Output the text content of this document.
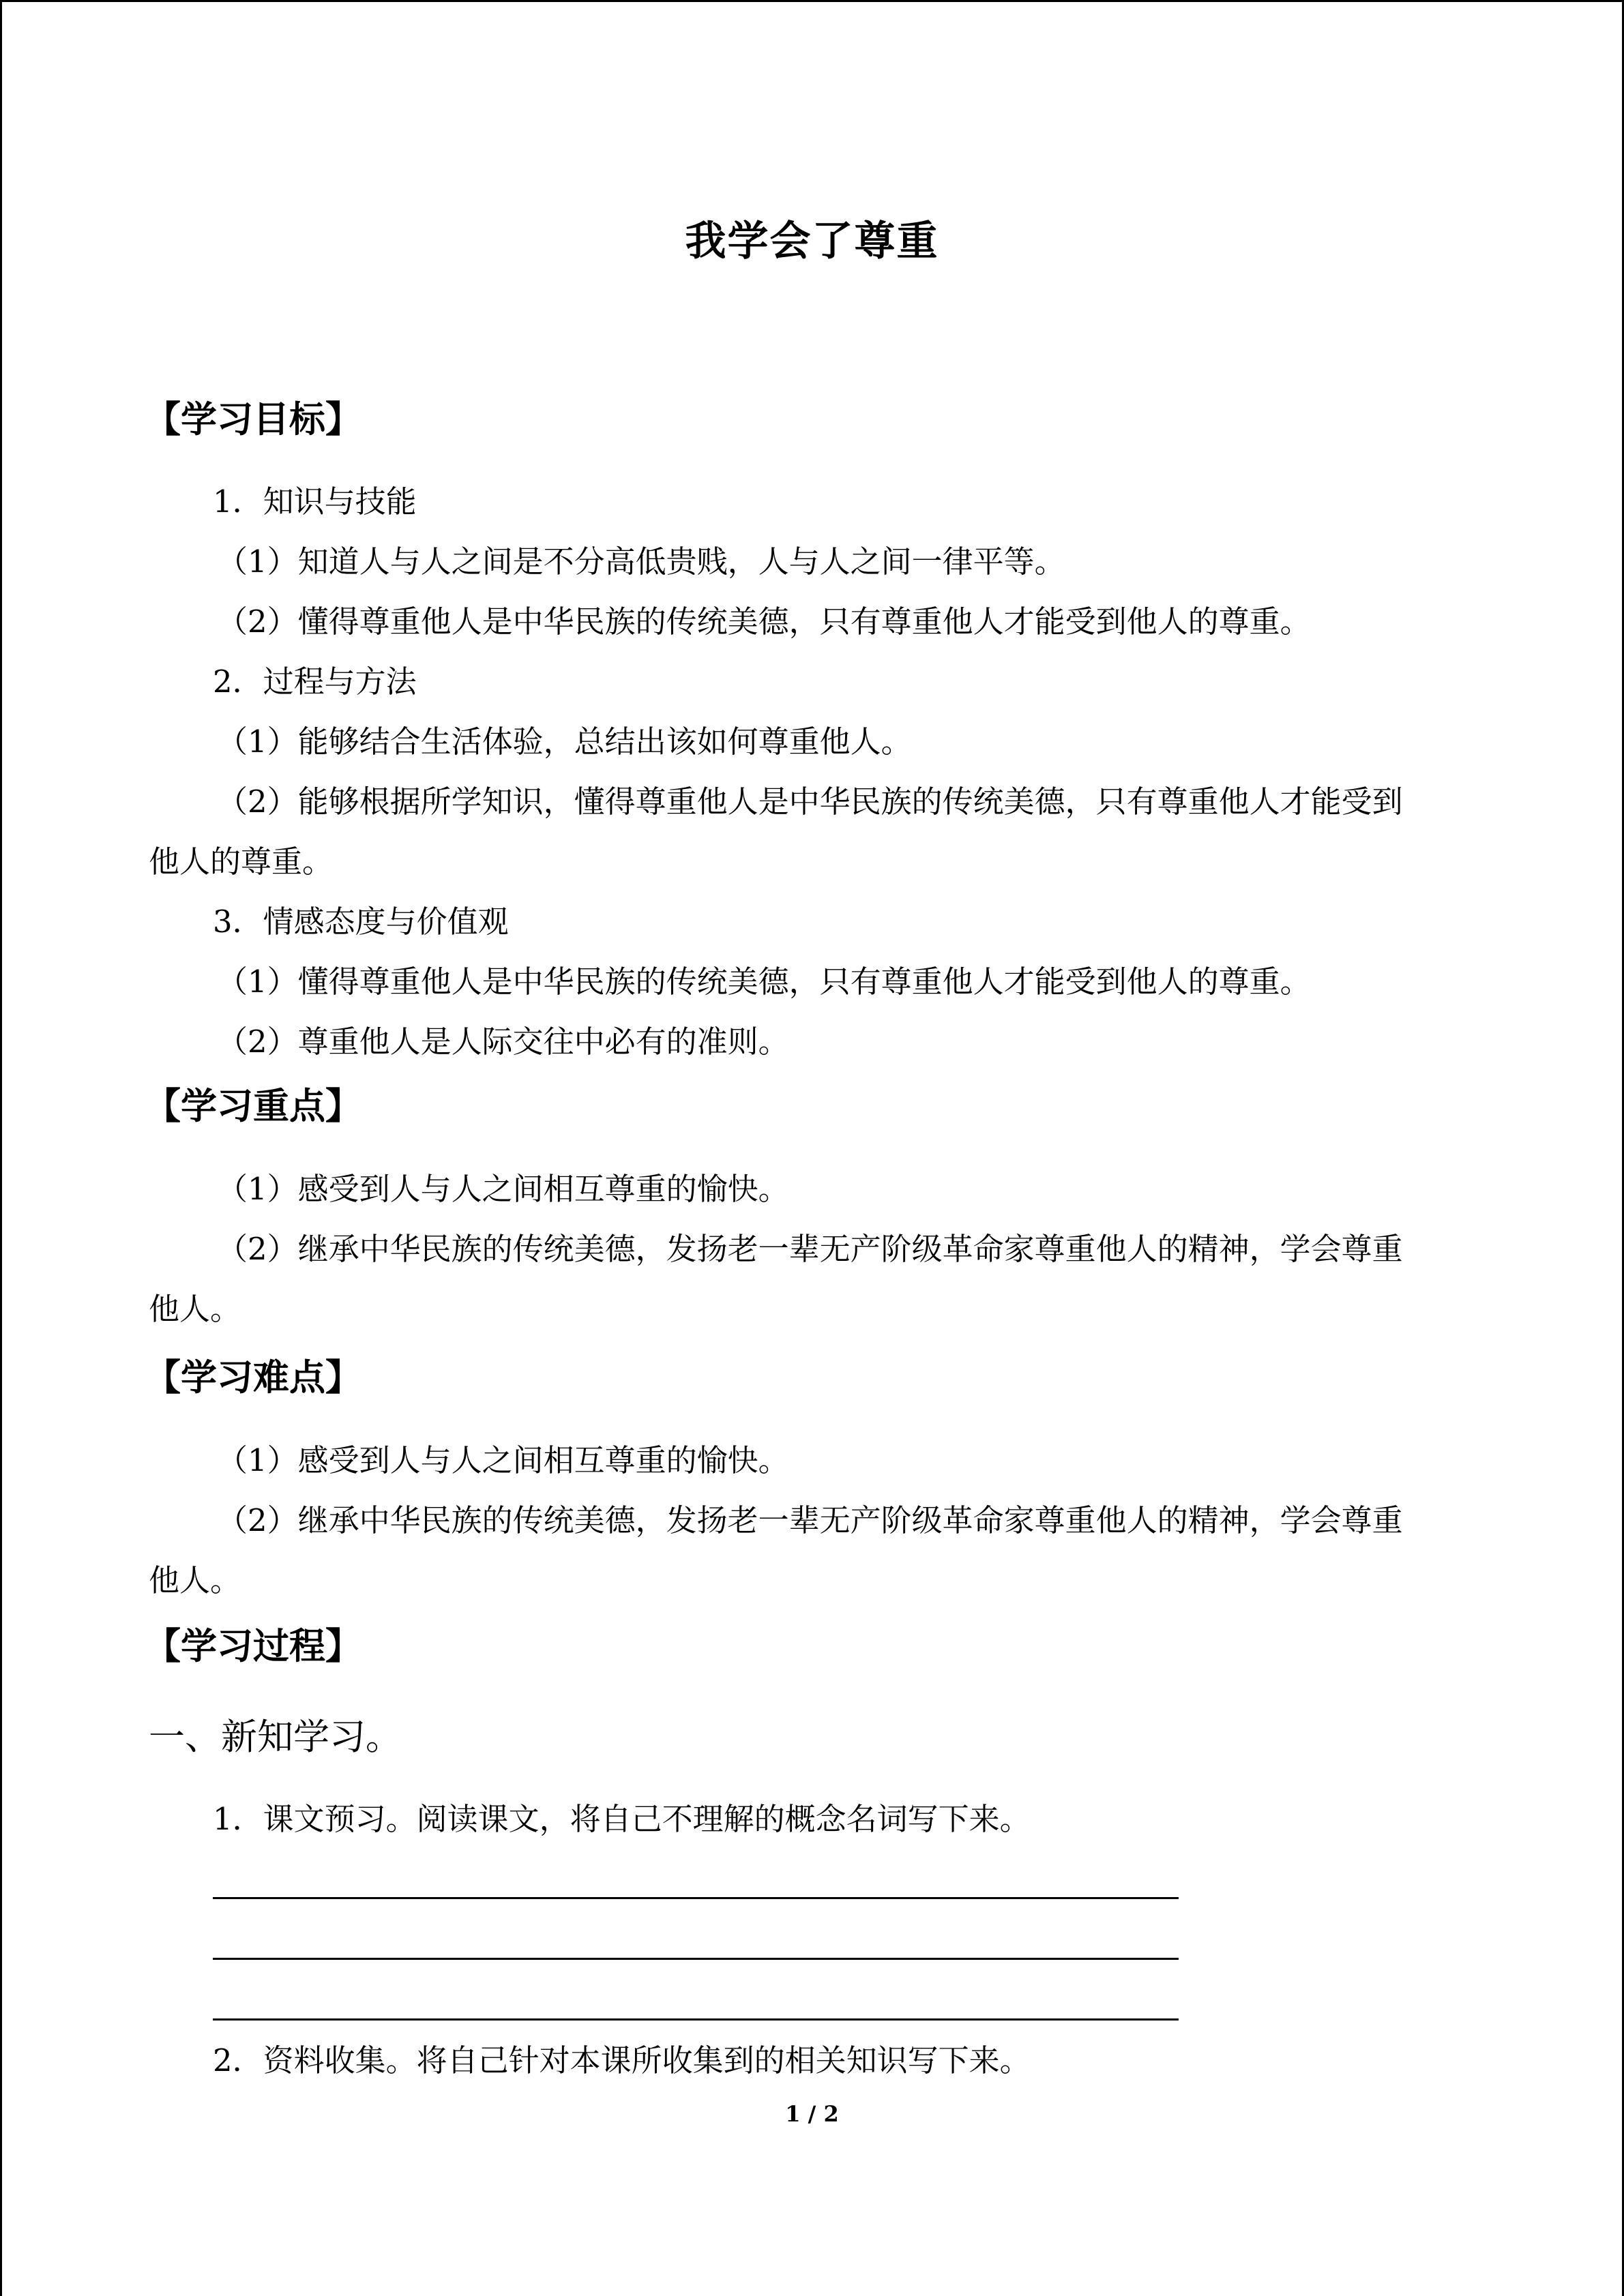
我学会了尊重
【学习目标】
1．知识与技能
（1）知道人与人之间是不分高低贵贱，人与人之间一律平等。
（2）懂得尊重他人是中华民族的传统美德，只有尊重他人才能受到他人的尊重。
2．过程与方法
（1）能够结合生活体验，总结出该如何尊重他人。
（2）能够根据所学知识，懂得尊重他人是中华民族的传统美德，只有尊重他人才能受到
他人的尊重。
3．情感态度与价值观
（1）懂得尊重他人是中华民族的传统美德，只有尊重他人才能受到他人的尊重。
（2）尊重他人是人际交往中必有的准则。
【学习重点】
（1）感受到人与人之间相互尊重的愉快。
（2）继承中华民族的传统美德，发扬老一辈无产阶级革命家尊重他人的精神，学会尊重
他人。
【学习难点】
（1）感受到人与人之间相互尊重的愉快。
（2）继承中华民族的传统美德，发扬老一辈无产阶级革命家尊重他人的精神，学会尊重
他人。
【学习过程】
一、新知学习。
1．课文预习。阅读课文，将自己不理解的概念名词写下来。
2．资料收集。将自己针对本课所收集到的相关知识写下来。
1 / 2
